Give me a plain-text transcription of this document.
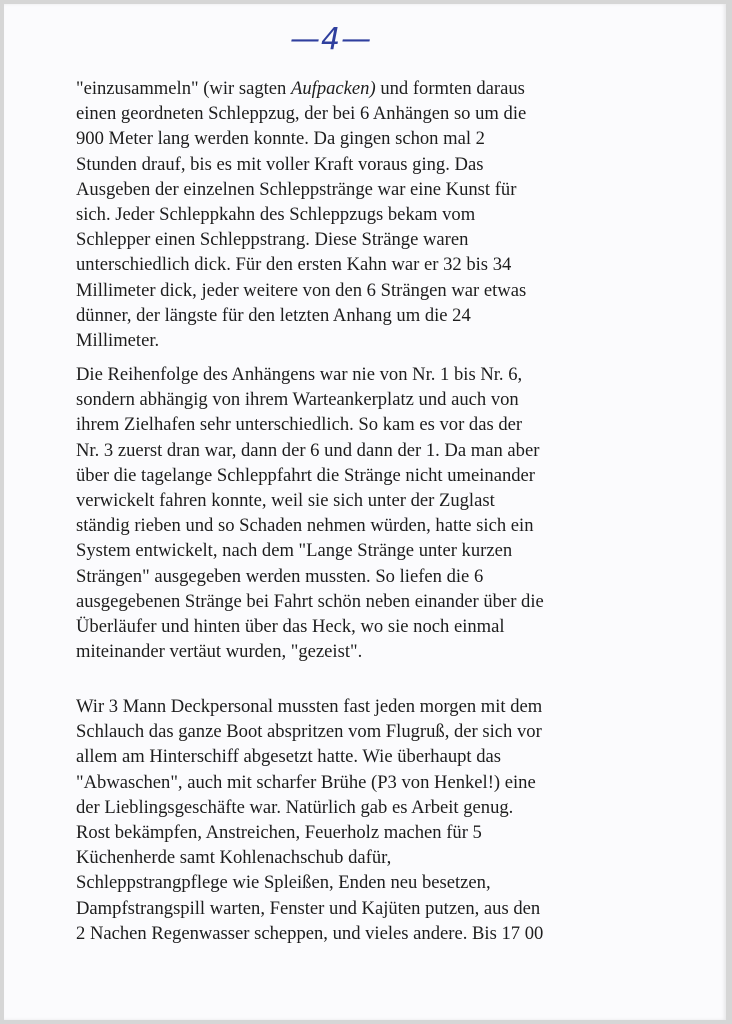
—4—
"einzusammeln" (wir sagten Aufpacken) und formten daraus
einen geordneten Schleppzug, der bei 6 Anhängen so um die
900 Meter lang werden konnte. Da gingen schon mal 2
Stunden drauf, bis es mit voller Kraft voraus ging. Das
Ausgeben der einzelnen Schleppstränge war eine Kunst für
sich. Jeder Schleppkahn des Schleppzugs bekam vom
Schlepper einen Schleppstrang. Diese Stränge waren
unterschiedlich dick. Für den ersten Kahn war er 32 bis 34
Millimeter dick, jeder weitere von den 6 Strängen war etwas
dünner, der längste für den letzten Anhang um die 24
Millimeter.
Die Reihenfolge des Anhängens war nie von Nr. 1 bis Nr. 6,
sondern abhängig von ihrem Warteankerplatz und auch von
ihrem Zielhafen sehr unterschiedlich. So kam es vor das der
Nr. 3 zuerst dran war, dann der 6 und dann der 1. Da man aber
über die tagelange Schleppfahrt die Stränge nicht umeinander
verwickelt fahren konnte, weil sie sich unter der Zuglast
ständig rieben und so Schaden nehmen würden, hatte sich ein
System entwickelt, nach dem "Lange Stränge unter kurzen
Strängen" ausgegeben werden mussten. So liefen die 6
ausgegebenen Stränge bei Fahrt schön neben einander über die
Überläufer und hinten über das Heck, wo sie noch einmal
miteinander vertäut wurden, "gezeist".
Wir 3 Mann Deckpersonal mussten fast jeden morgen mit dem
Schlauch das ganze Boot abspritzen vom Flugruß, der sich vor
allem am Hinterschiff abgesetzt hatte. Wie überhaupt das
"Abwaschen", auch mit scharfer Brühe (P3 von Henkel!) eine
der Lieblingsgeschäfte war. Natürlich gab es Arbeit genug.
Rost bekämpfen, Anstreichen, Feuerholz machen für 5
Küchenherde samt Kohlenachschub dafür,
Schleppstrangpflege wie Spleißen, Enden neu besetzen,
Dampfstrangspill warten, Fenster und Kajüten putzen, aus den
2 Nachen Regenwasser scheppen, und vieles andere. Bis 17 00
